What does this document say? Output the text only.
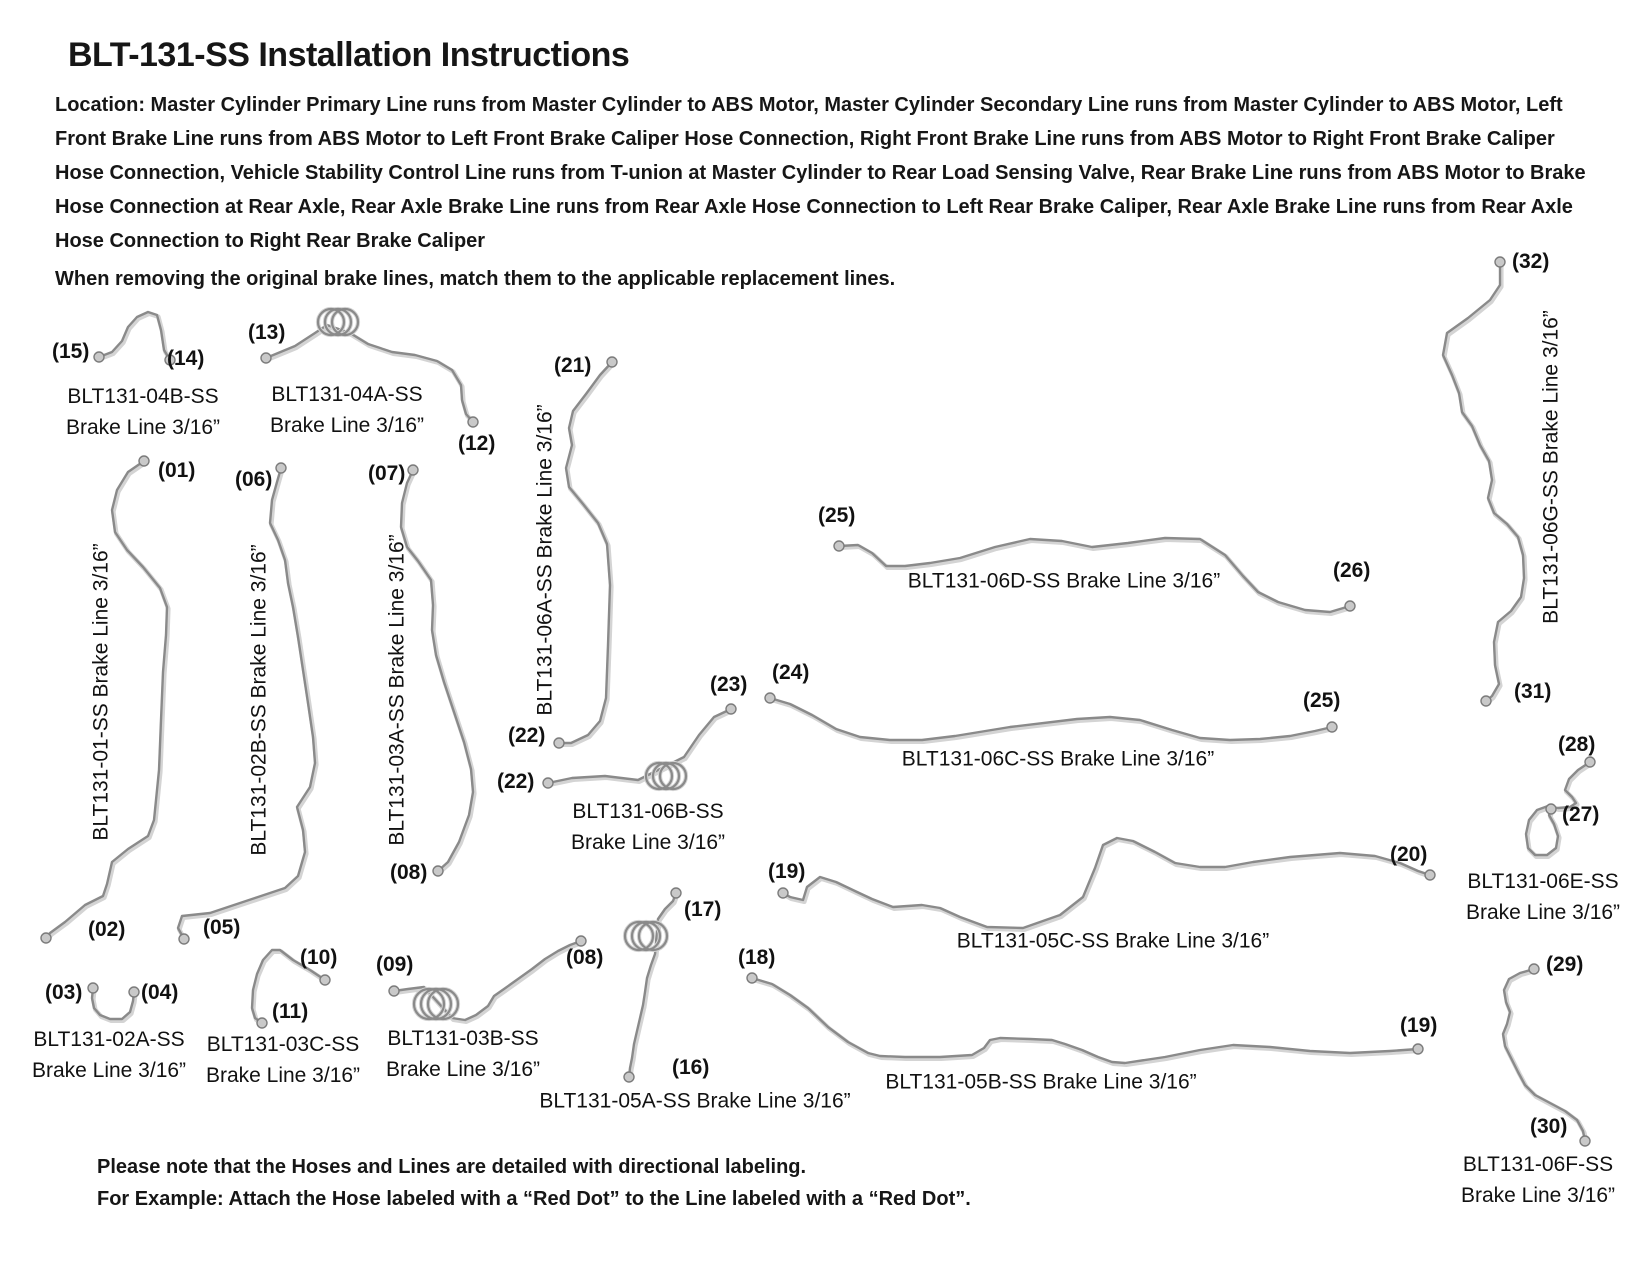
BLT-131-SS Installation Instructions
Location: Master Cylinder Primary Line runs from Master Cylinder to ABS Motor, Master Cylinder Secondary Line runs from Master Cylinder to ABS Motor, Left Front Brake Line runs from ABS Motor to Left Front Brake Caliper Hose Connection, Right Front Brake Line runs from ABS Motor to Right Front Brake Caliper Hose Connection, Vehicle Stability Control Line runs from T-union at Master Cylinder to Rear Load Sensing Valve, Rear Brake Line runs from ABS Motor to Brake Hose Connection at Rear Axle, Rear Axle Brake Line runs from Rear Axle Hose Connection to Left Rear Brake Caliper, Rear Axle Brake Line runs from Rear Axle Hose Connection to Right Rear Brake Caliper
When removing the original brake lines, match them to the applicable replacement lines.
(15)	(14)
BLT131-04B-SS
Brake Line 3/16”
(13)
(12)
BLT131-04A-SS
Brake Line 3/16”
(01)
(02)
BLT131-01-SS Brake Line 3/16”
(06)
(05)
BLT131-02B-SS Brake Line 3/16”
(07)
(08)
BLT131-03A-SS Brake Line 3/16”
(21)
(22)
BLT131-06A-SS Brake Line 3/16”
(22)
(23)
BLT131-06B-SS
Brake Line 3/16”
(24)
(25)
BLT131-06C-SS Brake Line 3/16”
(25)
(26)
BLT131-06D-SS Brake Line 3/16”
(32)
(31)
BLT131-06G-SS Brake Line 3/16”
(28)
(27)
BLT131-06E-SS
Brake Line 3/16”
(19)
(20)
BLT131-05C-SS Brake Line 3/16”
(18)
(19)
BLT131-05B-SS Brake Line 3/16”
(17)
(16)
BLT131-05A-SS Brake Line 3/16”
(09)	(08)
BLT131-03B-SS
Brake Line 3/16”
(03)	(04)
BLT131-02A-SS
Brake Line 3/16”
(10)
(11)
BLT131-03C-SS
Brake Line 3/16”
(29)
(30)
BLT131-06F-SS
Brake Line 3/16”
Please note that the Hoses and Lines are detailed with directional labeling.
For Example: Attach the Hose labeled with a “Red Dot” to the Line labeled with a “Red Dot”.
